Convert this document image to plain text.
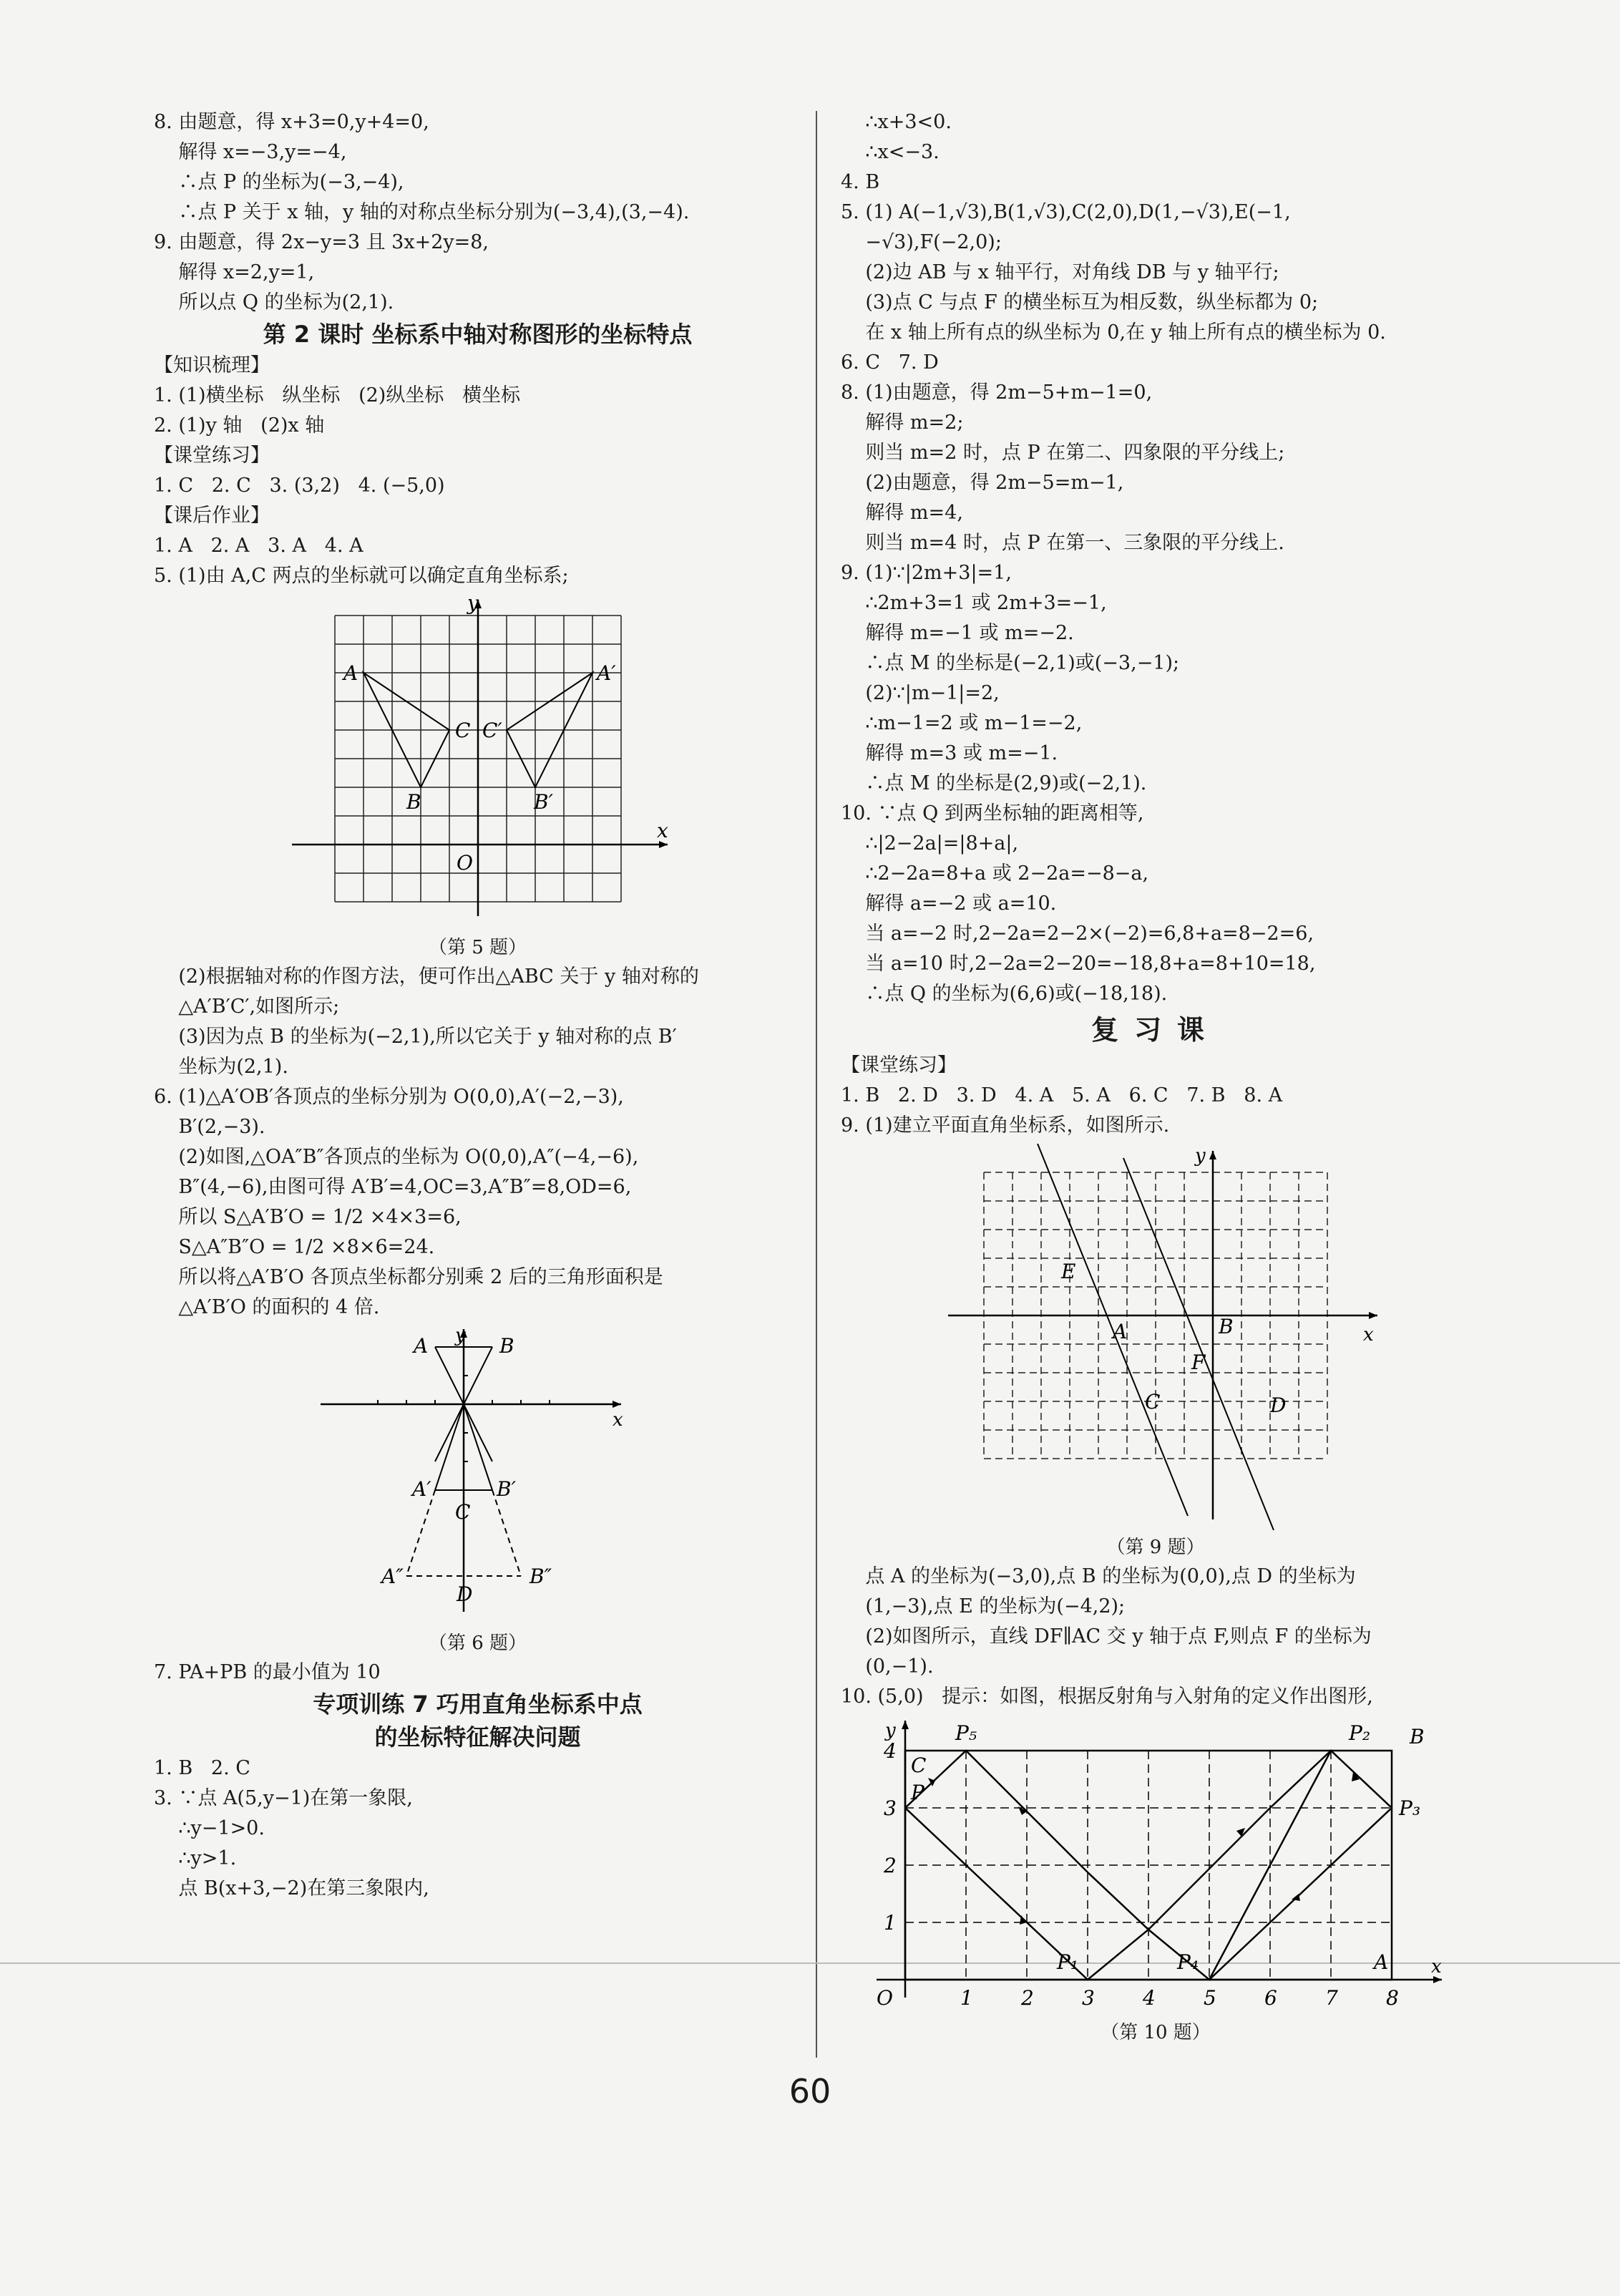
8. 由题意，得 x+3=0,y+4=0,
解得 x=−3,y=−4,
∴点 P 的坐标为(−3,−4),
∴点 P 关于 x 轴，y 轴的对称点坐标分别为(−3,4),(3,−4).
9. 由题意，得 2x−y=3 且 3x+2y=8,
解得 x=2,y=1,
所以点 Q 的坐标为(2,1).
第 2 课时 坐标系中轴对称图形的坐标特点
【知识梳理】
1. (1)横坐标   纵坐标   (2)纵坐标   横坐标
2. (1)y 轴   (2)x 轴
【课堂练习】
1. C   2. C   3. (3,2)   4. (−5,0)
【课后作业】
1. A   2. A   3. A   4. A
5. (1)由 A,C 两点的坐标就可以确定直角坐标系;
y
x
O
A	A′
B	B′
C C′
（第 5 题）
(2)根据轴对称的作图方法，便可作出△ABC 关于 y 轴对称的
△A′B′C′,如图所示;
(3)因为点 B 的坐标为(−2,1),所以它关于 y 轴对称的点 B′
坐标为(2,1).
6. (1)△A′OB′各顶点的坐标分别为 O(0,0),A′(−2,−3),
B′(2,−3).
(2)如图,△OA″B″各顶点的坐标为 O(0,0),A″(−4,−6),
B″(4,−6),由图可得 A′B′=4,OC=3,A″B″=8,OD=6,
所以 S△A′B′O = 1/2 ×4×3=6,
S△A″B″O = 1/2 ×8×6=24.
所以将△A′B′O 各顶点坐标都分别乘 2 后的三角形面积是
△A′B′O 的面积的 4 倍.
y
x
A	B
A′	B′
C
A″	B″
D
（第 6 题）
7. PA+PB 的最小值为 10
专项训练 7 巧用直角坐标系中点
的坐标特征解决问题
1. B   2. C
3. ∵点 A(5,y−1)在第一象限,
∴y−1>0.
∴y>1.
点 B(x+3,−2)在第三象限内,
∴x+3<0.
∴x<−3.
4. B
5. (1) A(−1,√3),B(1,√3),C(2,0),D(1,−√3),E(−1,
−√3),F(−2,0);
(2)边 AB 与 x 轴平行，对角线 DB 与 y 轴平行;
(3)点 C 与点 F 的横坐标互为相反数，纵坐标都为 0;
在 x 轴上所有点的纵坐标为 0,在 y 轴上所有点的横坐标为 0.
6. C   7. D
8. (1)由题意，得 2m−5+m−1=0,
解得 m=2;
则当 m=2 时，点 P 在第二、四象限的平分线上;
(2)由题意，得 2m−5=m−1,
解得 m=4,
则当 m=4 时，点 P 在第一、三象限的平分线上.
9. (1)∵|2m+3|=1,
∴2m+3=1 或 2m+3=−1,
解得 m=−1 或 m=−2.
∴点 M 的坐标是(−2,1)或(−3,−1);
(2)∵|m−1|=2,
∴m−1=2 或 m−1=−2,
解得 m=3 或 m=−1.
∴点 M 的坐标是(2,9)或(−2,1).
10. ∵点 Q 到两坐标轴的距离相等,
∴|2−2a|=|8+a|,
∴2−2a=8+a 或 2−2a=−8−a,
解得 a=−2 或 a=10.
当 a=−2 时,2−2a=2−2×(−2)=6,8+a=8−2=6,
当 a=10 时,2−2a=2−20=−18,8+a=8+10=18,
∴点 Q 的坐标为(6,6)或(−18,18).
复习课
【课堂练习】
1. B   2. D   3. D   4. A   5. A   6. C   7. B   8. A
9. (1)建立平面直角坐标系，如图所示.
y
x
A	B
C	D
E
F
（第 9 题）
点 A 的坐标为(−3,0),点 B 的坐标为(0,0),点 D 的坐标为
(1,−3),点 E 的坐标为(−4,2);
(2)如图所示，直线 DF∥AC 交 y 轴于点 F,则点 F 的坐标为
(0,−1).
10. (5,0)   提示：如图，根据反射角与入射角的定义作出图形,
1 2 3 4 5 6 7 8
1
2
3
4
y
x
O
C
B
A
P
P₅	P₂
P₃
P₁	P₄
（第 10 题）
60
